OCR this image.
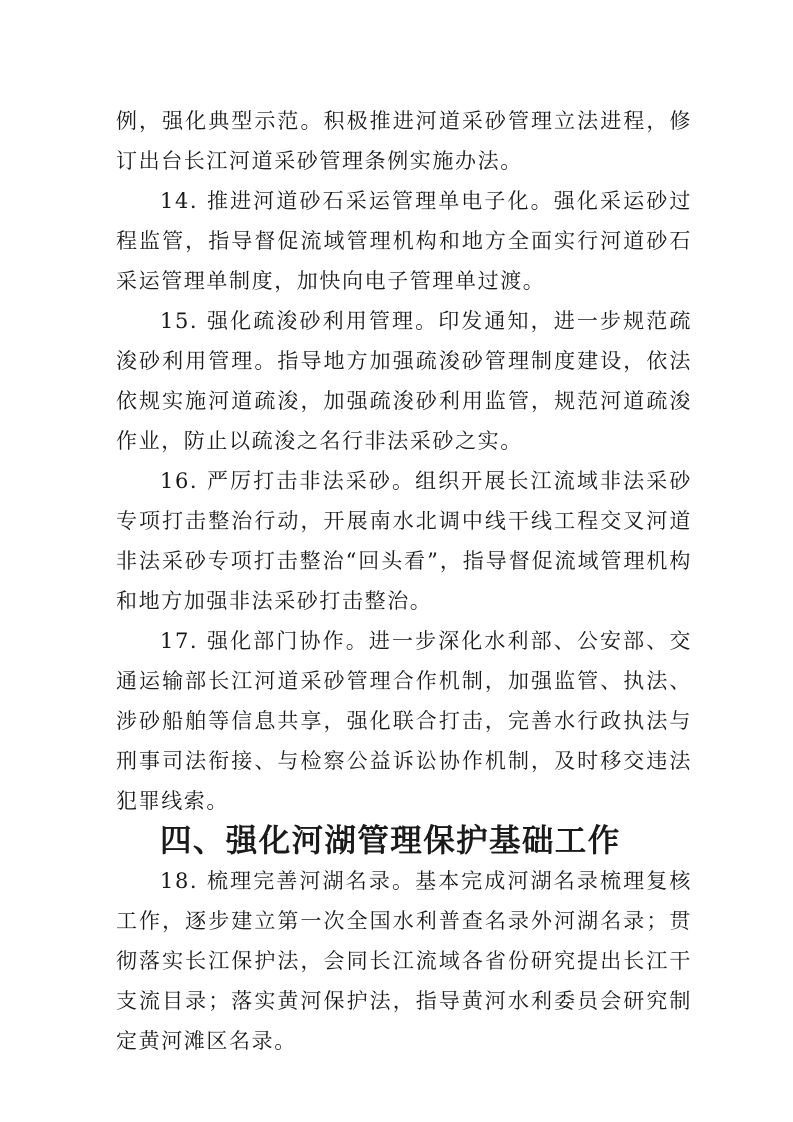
例，强化典型示范。积极推进河道采砂管理立法进程，修订出台长江河道采砂管理条例实施办法。

14. 推进河道砂石采运管理单电子化。强化采运砂过程监管，指导督促流域管理机构和地方全面实行河道砂石采运管理单制度，加快向电子管理单过渡。

15. 强化疏浚砂利用管理。印发通知，进一步规范疏浚砂利用管理。指导地方加强疏浚砂管理制度建设，依法依规实施河道疏浚，加强疏浚砂利用监管，规范河道疏浚作业，防止以疏浚之名行非法采砂之实。

16. 严厉打击非法采砂。组织开展长江流域非法采砂专项打击整治行动，开展南水北调中线干线工程交叉河道非法采砂专项打击整治“回头看”，指导督促流域管理机构和地方加强非法采砂打击整治。

17. 强化部门协作。进一步深化水利部、公安部、交通运输部长江河道采砂管理合作机制，加强监管、执法、涉砂船舶等信息共享，强化联合打击，完善水行政执法与刑事司法衔接、与检察公益诉讼协作机制，及时移交违法犯罪线索。

四、强化河湖管理保护基础工作

18. 梳理完善河湖名录。基本完成河湖名录梳理复核工作，逐步建立第一次全国水利普查名录外河湖名录；贯彻落实长江保护法，会同长江流域各省份研究提出长江干支流目录；落实黄河保护法，指导黄河水利委员会研究制定黄河滩区名录。
